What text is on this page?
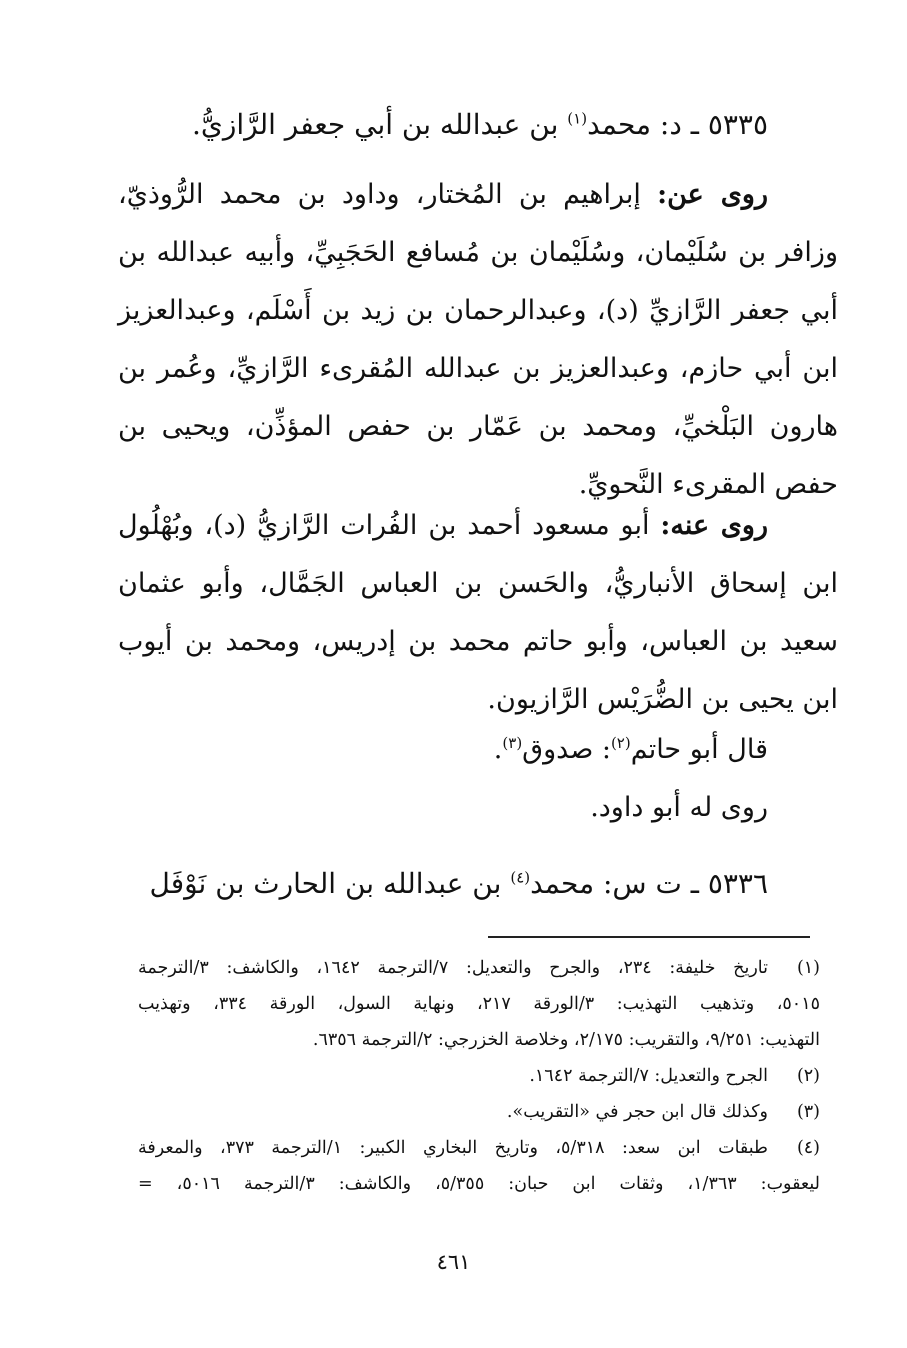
٥٣٣٥ ـ د: محمد$^{(١)}$ بن عبدالله بن أبي جعفر الرَّازيُّ.
روى عن: إبراهيم بن المُختار، وداود بن محمد الرُّوذيّ،
وزافر بن سُلَيْمان، وسُلَيْمان بن مُسافع الحَجَبِيِّ، وأبيه عبدالله بن
أبي جعفر الرَّازيِّ (د)، وعبدالرحمان بن زيد بن أَسْلَم، وعبدالعزيز
ابن أبي حازم، وعبدالعزيز بن عبدالله المُقرىء الرَّازيِّ، وعُمر بن
هارون البَلْخيِّ، ومحمد بن عَمّار بن حفص المؤذِّن، ويحيى بن
حفص المقرىء النَّحويِّ.
روى عنه: أبو مسعود أحمد بن الفُرات الرَّازيُّ (د)، وبُهْلُول
ابن إسحاق الأنباريُّ، والحَسن بن العباس الجَمَّال، وأبو عثمان
سعيد بن العباس، وأبو حاتم محمد بن إدريس، ومحمد بن أيوب
ابن يحيى بن الضُّرَيْس الرَّازيون.
قال أبو حاتم$^{(٢)}$: صدوق$^{(٣)}$.
روى له أبو داود.
٥٣٣٦ ـ ت س: محمد$^{(٤)}$ بن عبدالله بن الحارث بن نَوْفَل
(١)
تاريخ خليفة: ٢٣٤، والجرح والتعديل: ٧/الترجمة ١٦٤٢، والكاشف: ٣/الترجمة
٥٠١٥، وتذهيب التهذيب: ٣/الورقة ٢١٧، ونهاية السول، الورقة ٣٣٤، وتهذيب
التهذيب: ٩/٢٥١، والتقريب: ٢/١٧٥، وخلاصة الخزرجي: ٢/الترجمة ٦٣٥٦.
(٢)
الجرح والتعديل: ٧/الترجمة ١٦٤٢.
(٣)
وكذلك قال ابن حجر في «التقريب».
(٤)
طبقات ابن سعد: ٥/٣١٨، وتاريخ البخاري الكبير: ١/الترجمة ٣٧٣، والمعرفة
ليعقوب: ١/٣٦٣، وثقات ابن حبان: ٥/٣٥٥، والكاشف: ٣/الترجمة ٥٠١٦، =
٤٦١
